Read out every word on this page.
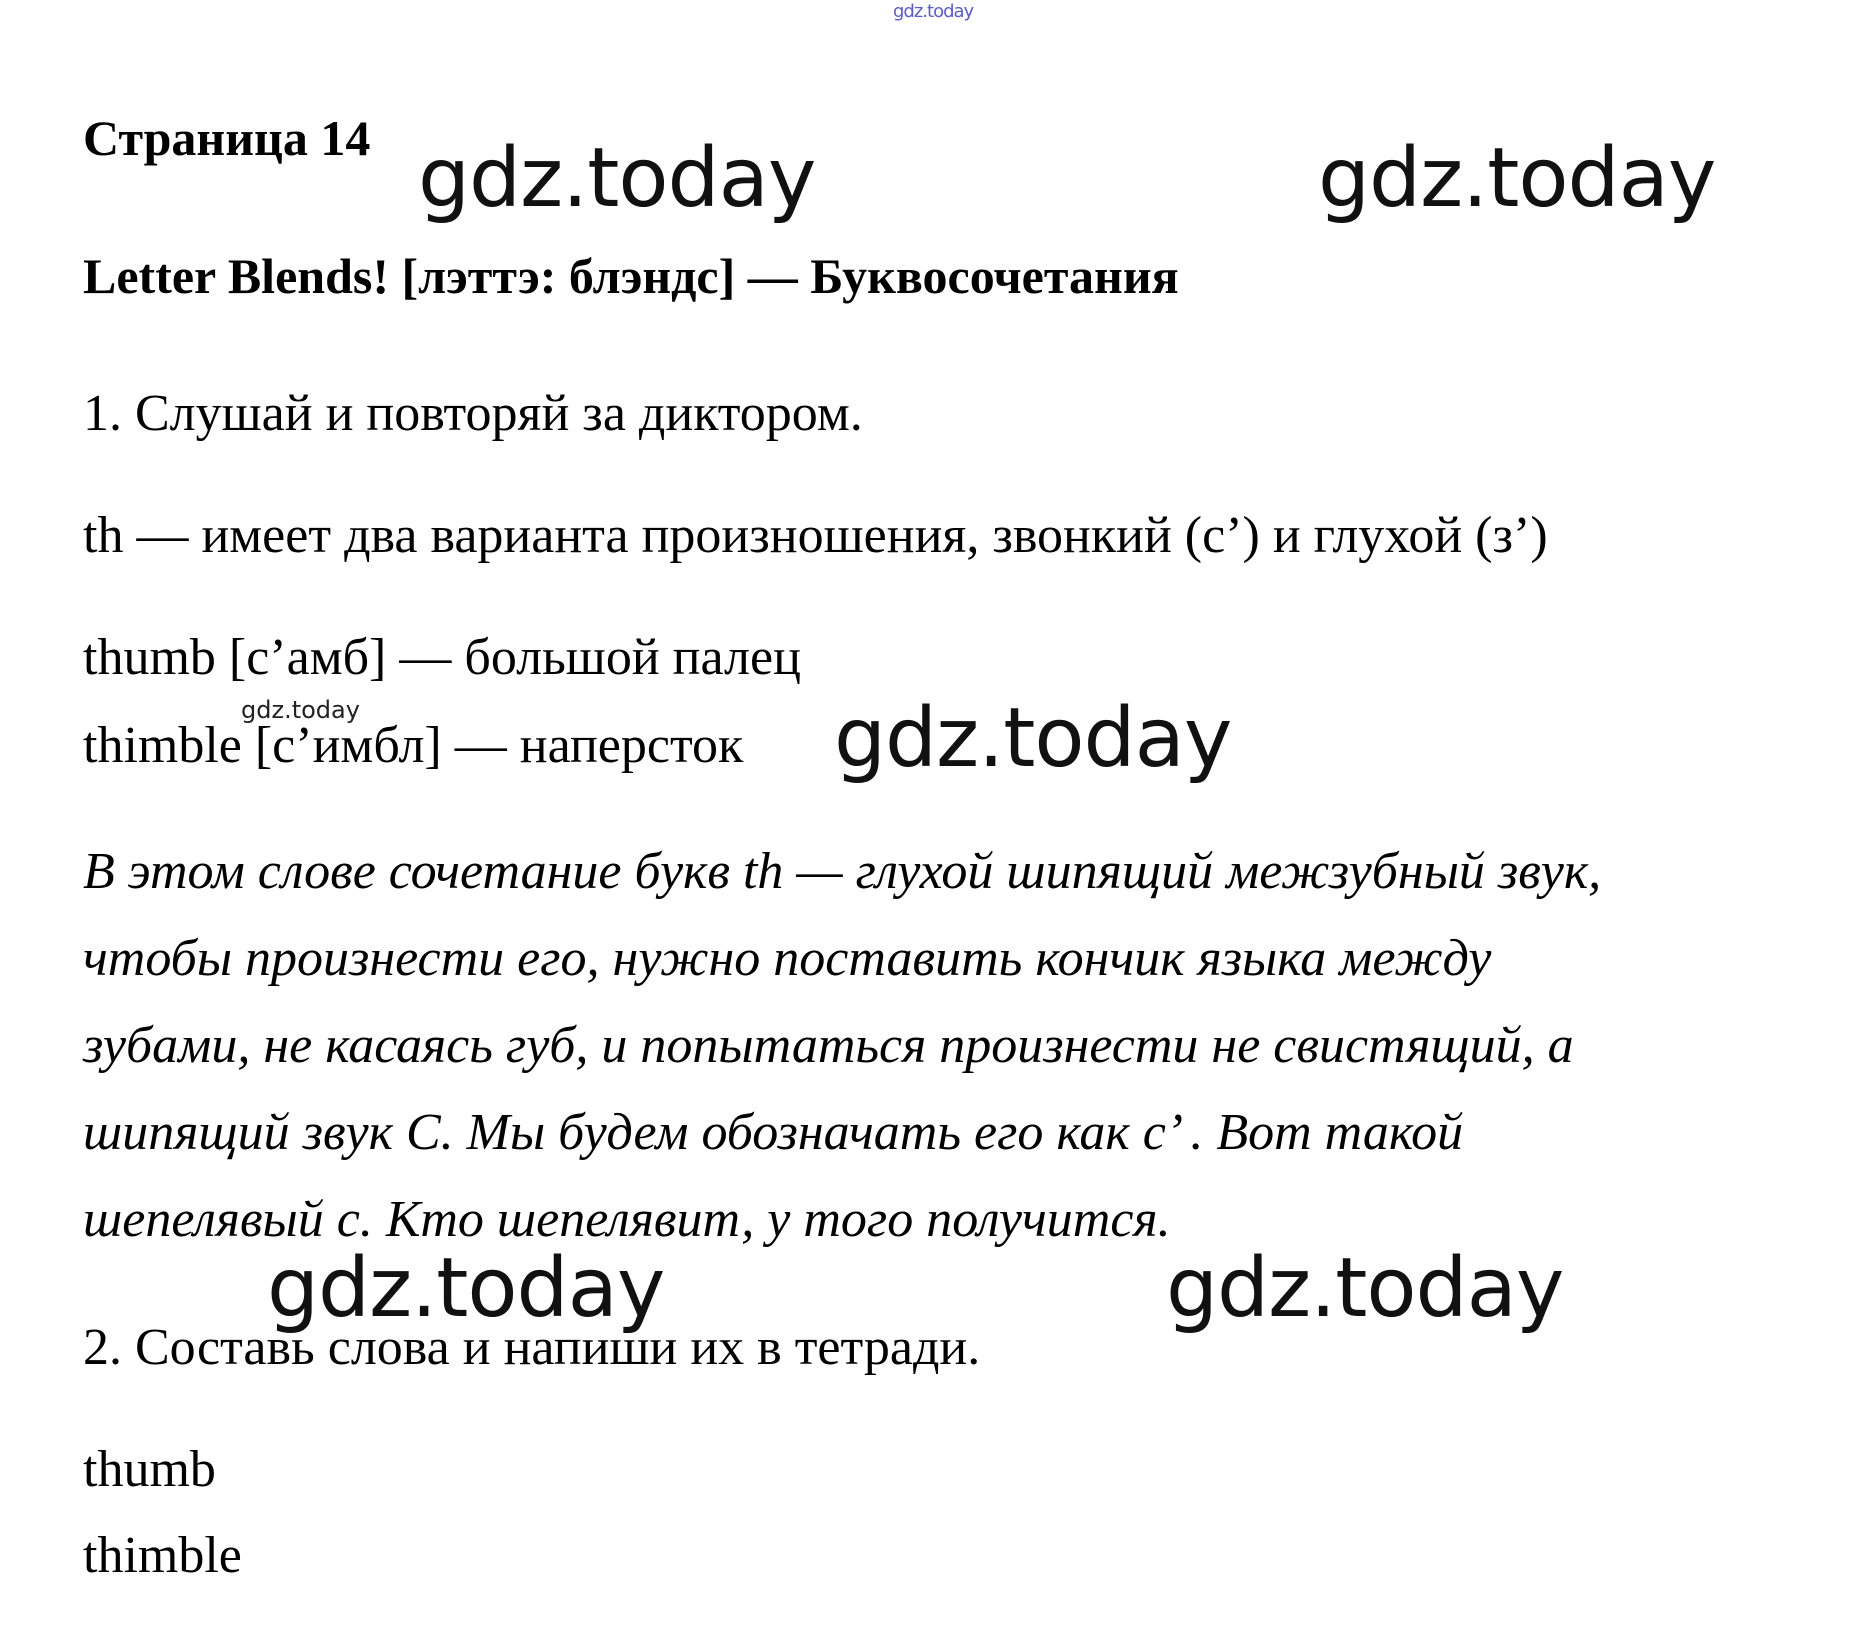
gdz.today
Страница 14 gdz.today	gdz.today
Letter Blends! [лэттэ: блэндс] — Буквосочетания
1. Слушай и повторяй за диктором.
th — имеет два варианта произношения, звонкий (с’) и глухой (з’)
thumb [с’амб] — большой палец
gdz.today
thimble [с’имбл] — наперсток gdz.today
В этом слове сочетание букв th — глухой шипящий межзубный звук,
чтобы произнести его, нужно поставить кончик языка между
зубами, не касаясь губ, и попытаться произнести не свистящий, а
шипящий звук С. Мы будем обозначать его как с’ . Вот такой
шепелявый с. Кто шепелявит, у того получится.
gdz.today	gdz.today
2. Составь слова и напиши их в тетради.
thumb
thimble
